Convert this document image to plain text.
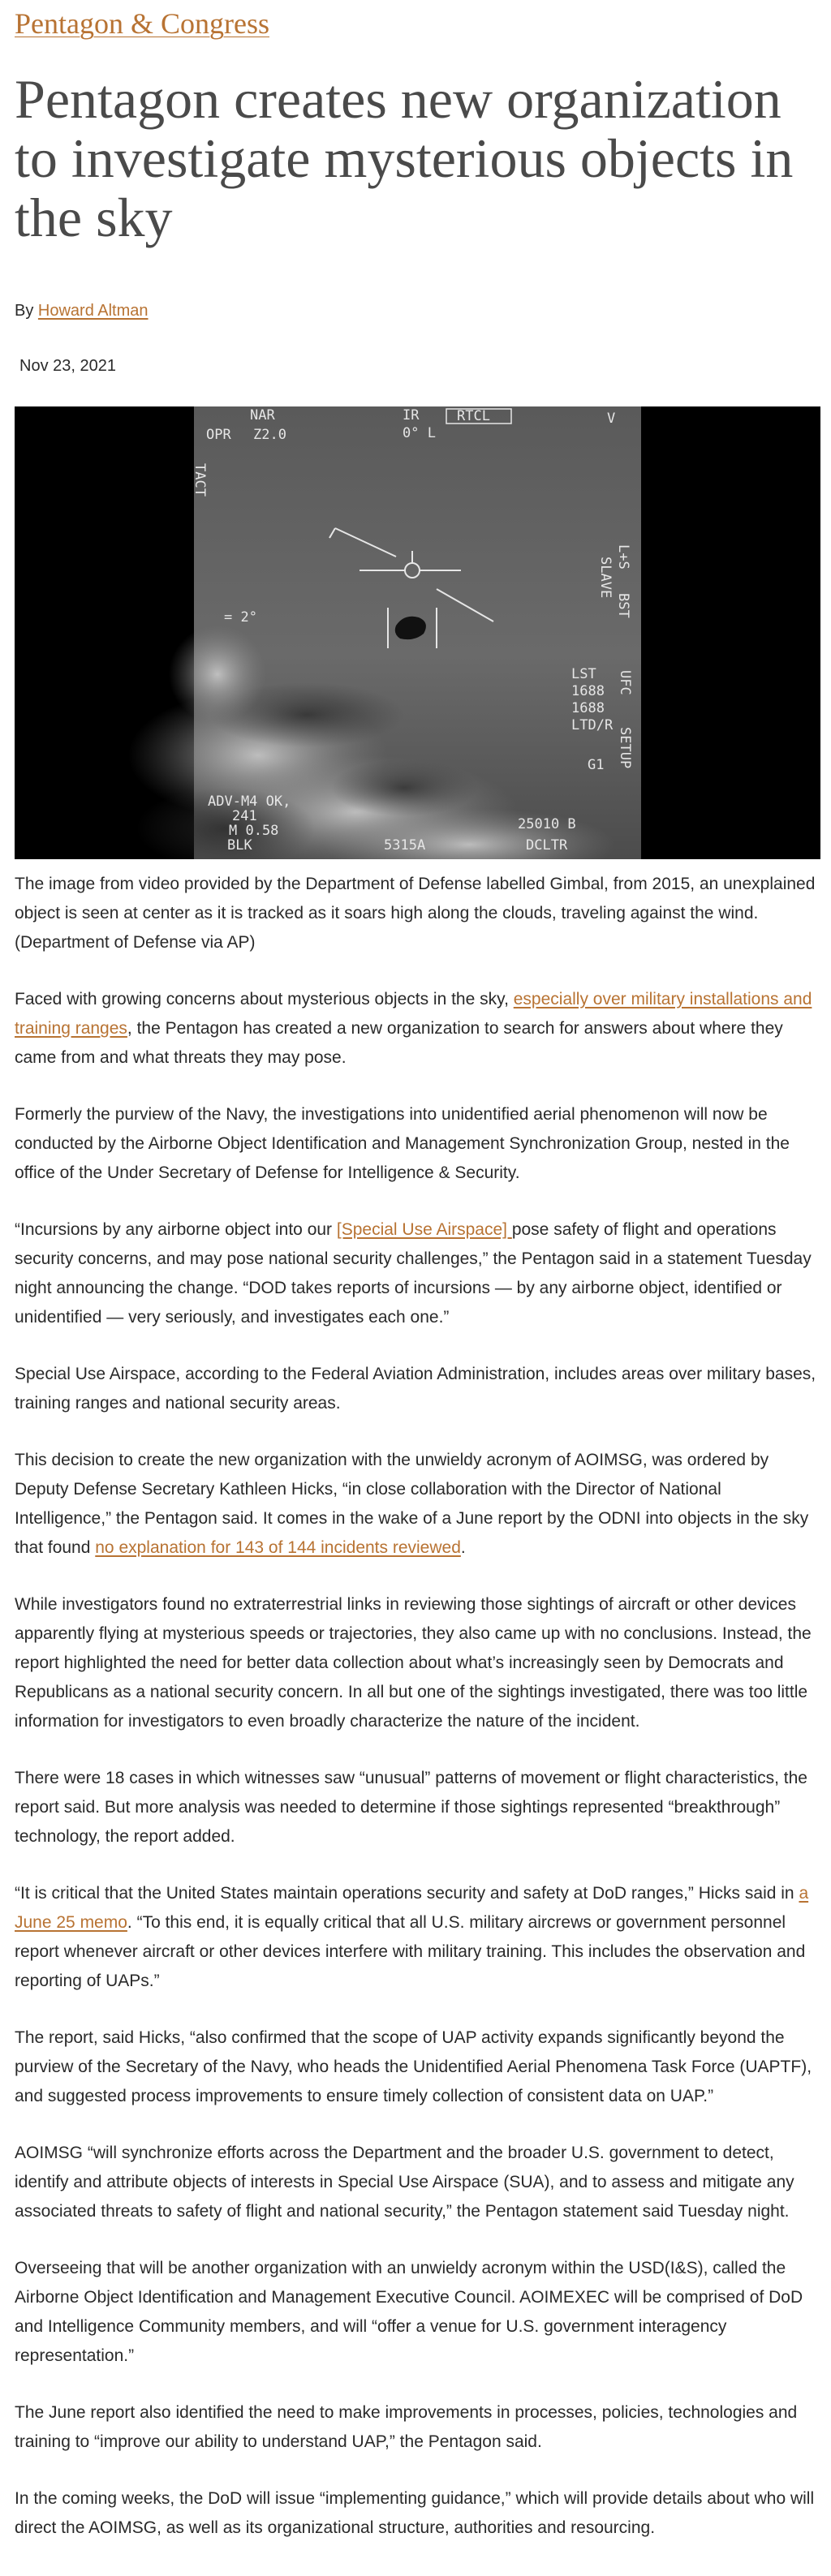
Pentagon & Congress
Pentagon creates new organization to investigate mysterious objects in the sky
By Howard Altman
Nov 23, 2021
NAR
OPR Z2.0
IR
0° L
RTCL	V
TACT
= 2°
L+S
SLAVE
BST
LST
1688
1688
LTD/R
UFC
SETUP
G1
ADV-M4 OK,
241
M 0.58
BLK	5315A
25010 B
DCLTR

The image from video provided by the Department of Defense labelled Gimbal, from 2015, an unexplained object is seen at center as it is tracked as it soars high along the clouds, traveling against the wind. (Department of Defense via AP)

Faced with growing concerns about mysterious objects in the sky, especially over military installations and training ranges, the Pentagon has created a new organization to search for answers about where they came from and what threats they may pose.

Formerly the purview of the Navy, the investigations into unidentified aerial phenomenon will now be conducted by the Airborne Object Identification and Management Synchronization Group, nested in the office of the Under Secretary of Defense for Intelligence & Security.

“Incursions by any airborne object into our [Special Use Airspace] pose safety of flight and operations security concerns, and may pose national security challenges,” the Pentagon said in a statement Tuesday night announcing the change. “DOD takes reports of incursions — by any airborne object, identified or unidentified — very seriously, and investigates each one.”

Special Use Airspace, according to the Federal Aviation Administration, includes areas over military bases, training ranges and national security areas.

This decision to create the new organization with the unwieldy acronym of AOIMSG, was ordered by Deputy Defense Secretary Kathleen Hicks, “in close collaboration with the Director of National Intelligence,” the Pentagon said. It comes in the wake of a June report by the ODNI into objects in the sky that found no explanation for 143 of 144 incidents reviewed.

While investigators found no extraterrestrial links in reviewing those sightings of aircraft or other devices apparently flying at mysterious speeds or trajectories, they also came up with no conclusions. Instead, the report highlighted the need for better data collection about what’s increasingly seen by Democrats and Republicans as a national security concern. In all but one of the sightings investigated, there was too little information for investigators to even broadly characterize the nature of the incident.

There were 18 cases in which witnesses saw “unusual” patterns of movement or flight characteristics, the report said. But more analysis was needed to determine if those sightings represented “breakthrough” technology, the report added.

“It is critical that the United States maintain operations security and safety at DoD ranges,” Hicks said in a June 25 memo. “To this end, it is equally critical that all U.S. military aircrews or government personnel report whenever aircraft or other devices interfere with military training. This includes the observation and reporting of UAPs.”

The report, said Hicks, “also confirmed that the scope of UAP activity expands significantly beyond the purview of the Secretary of the Navy, who heads the Unidentified Aerial Phenomena Task Force (UAPTF), and suggested process improvements to ensure timely collection of consistent data on UAP.”

AOIMSG “will synchronize efforts across the Department and the broader U.S. government to detect, identify and attribute objects of interests in Special Use Airspace (SUA), and to assess and mitigate any associated threats to safety of flight and national security,” the Pentagon statement said Tuesday night.

Overseeing that will be another organization with an unwieldy acronym within the USD(I&S), called the Airborne Object Identification and Management Executive Council. AOIMEXEC will be comprised of DoD and Intelligence Community members, and will “offer a venue for U.S. government interagency representation.”

The June report also identified the need to make improvements in processes, policies, technologies and training to “improve our ability to understand UAP,” the Pentagon said.

In the coming weeks, the DoD will issue “implementing guidance,” which will provide details about who will direct the AOIMSG, as well as its organizational structure, authorities and resourcing.
